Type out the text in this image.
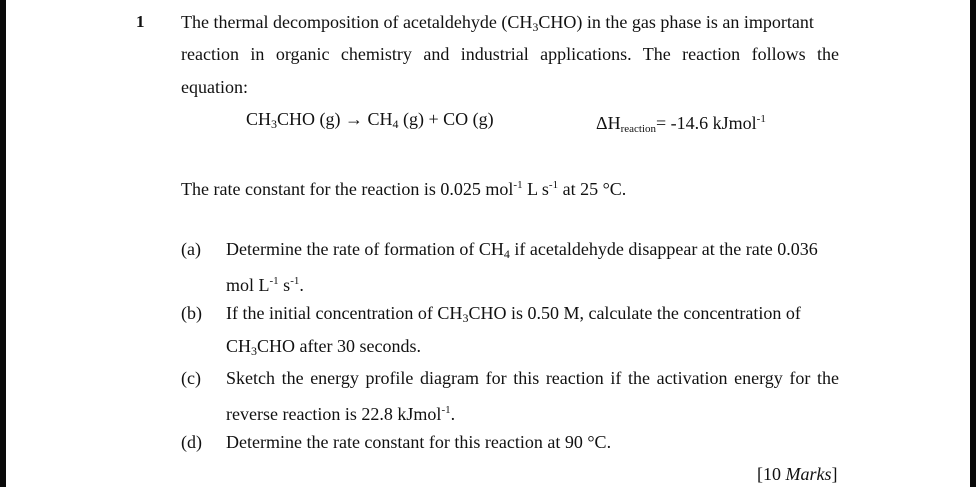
1 The thermal decomposition of acetaldehyde $(CH_3CHO)$ in the gas phase is an important
reaction in organic chemistry and industrial applications. The reaction follows the
equation:
$CH_3CHO$ $(g) \to CH_4$ (g) + CO (g)	ΔHreaction= -14.6 kJmol$^{-1}$
The rate constant for the reaction is 0.025 mol$^{-1}$ L $s^{-1}$ at 25 °C.
(a) Determine the rate of formation of $CH_4$ if acetaldehyde disappear at the rate 0.036
mol $L^{-1}$ $s^{-1}$.
(b) If the initial concentration of $CH_3CHO$ is 0.50 M, calculate the concentration of
$CH_3CHO$ after 30 seconds.
(c) Sketch the energy profile diagram for this reaction if the activation energy for the
reverse reaction is 22.8 kJmol$^{-1}$.
(d) Determine the rate constant for this reaction at 90 °C.
[10 Marks]
